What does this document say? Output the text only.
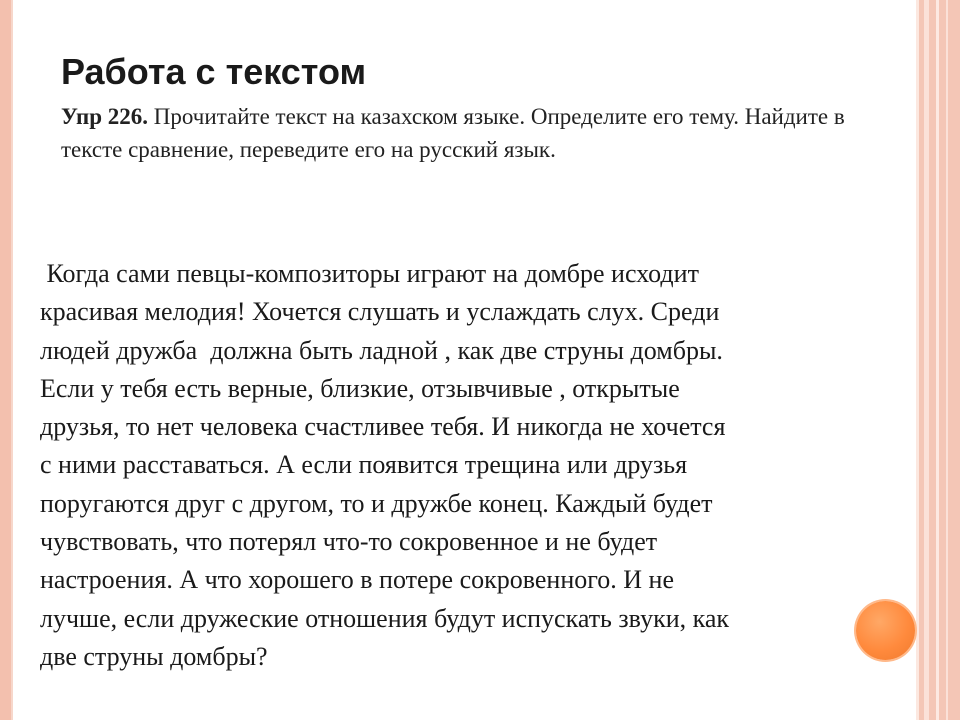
Работа с текстом
Упр 226. Прочитайте текст на казахском языке. Определите его тему. Найдите в тексте сравнение, переведите его на русский язык.
Когда сами певцы-композиторы играют на домбре исходит
красивая мелодия! Хочется слушать и услаждать слух. Среди
людей дружба  должна быть ладной , как две струны домбры.
Если у тебя есть верные, близкие, отзывчивые , открытые
друзья, то нет человека счастливее тебя. И никогда не хочется
с ними расставаться. А если появится трещина или друзья
поругаются друг с другом, то и дружбе конец. Каждый будет
чувствовать, что потерял что-то сокровенное и не будет
настроения. А что хорошего в потере сокровенного. И не
лучше, если дружеские отношения будут испускать звуки, как
две струны домбры?
